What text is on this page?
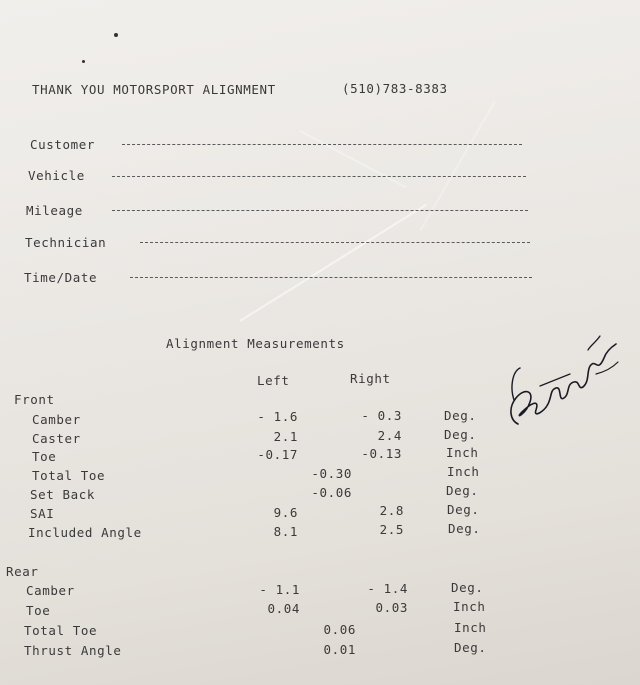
THANK YOU MOTORSPORT ALIGNMENT	(510)783-8383
Customer
Vehicle
Mileage
Technician
Time/Date
Alignment Measurements
Left	Right
Front
Camber	- 1.6	- 0.3	Deg.
Caster	2.1	2.4	Deg.
Toe	-0.17	-0.13	Inch
Total Toe	-0.30	Inch
Set Back	-0.06	Deg.
SAI	9.6	2.8	Deg.
Included Angle	8.1	2.5	Deg.
Rear
Camber	- 1.1	- 1.4	Deg.
Toe	0.04	0.03	Inch
Total Toe	0.06	Inch
Thrust Angle	0.01	Deg.
